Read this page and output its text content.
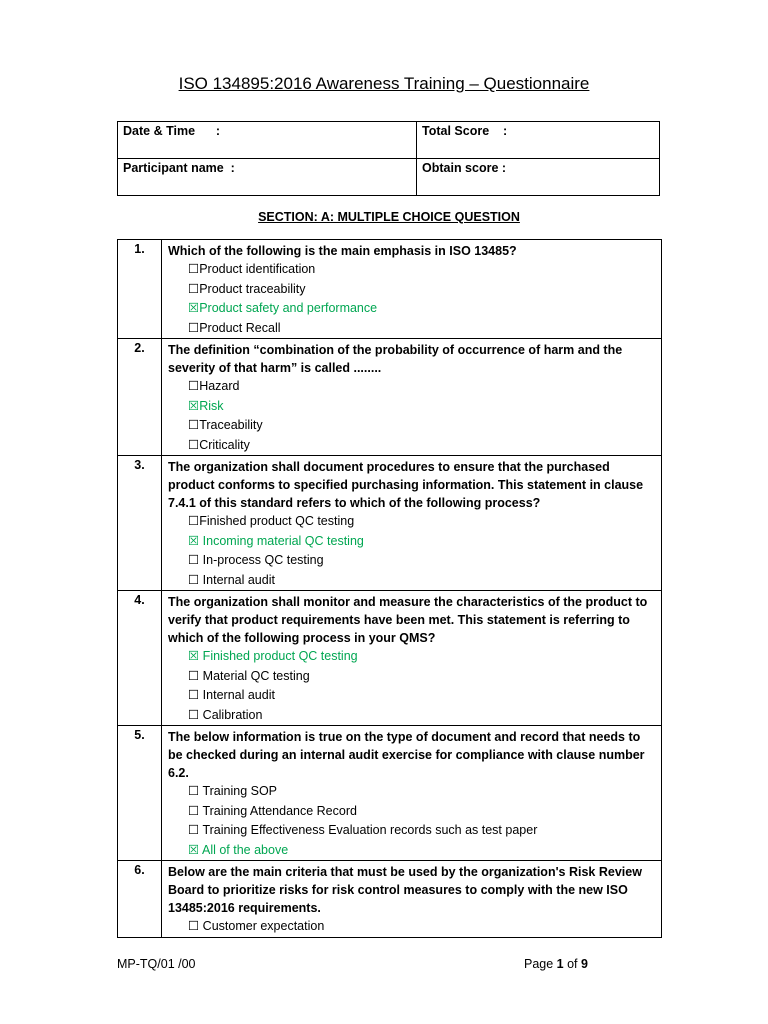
ISO 134895:2016 Awareness Training – Questionnaire
Date & Time      :	Total Score    :
Participant name  :	Obtain score :
SECTION: A: MULTIPLE CHOICE QUESTION
1.	Which of the following is the main emphasis in ISO 13485?
☐Product identification
☐Product traceability
☒Product safety and performance
☐Product Recall

2.	The definition “combination of the probability of occurrence of harm and the severity of that harm” is called ........
☐Hazard
☒Risk
☐Traceability
☐Criticality

3.	The organization shall document procedures to ensure that the purchased product conforms to specified purchasing information. This statement in clause 7.4.1 of this standard refers to which of the following process?
☐Finished product QC testing
☒ Incoming material QC testing
☐ In-process QC testing
☐ Internal audit

4.	The organization shall monitor and measure the characteristics of the product to verify that product requirements have been met. This statement is referring to which of the following process in your QMS?
☒ Finished product QC testing
☐ Material QC testing
☐ Internal audit
☐ Calibration

5.	The below information is true on the type of document and record that needs to be checked during an internal audit exercise for compliance with clause number 6.2.
☐ Training SOP
☐ Training Attendance Record
☐ Training Effectiveness Evaluation records such as test paper
☒ All of the above

6.	Below are the main criteria that must be used by the organization's Risk Review Board to prioritize risks for risk control measures to comply with the new ISO 13485:2016 requirements.
☐ Customer expectation
MP-TQ/01 /00	Page 1 of 9
